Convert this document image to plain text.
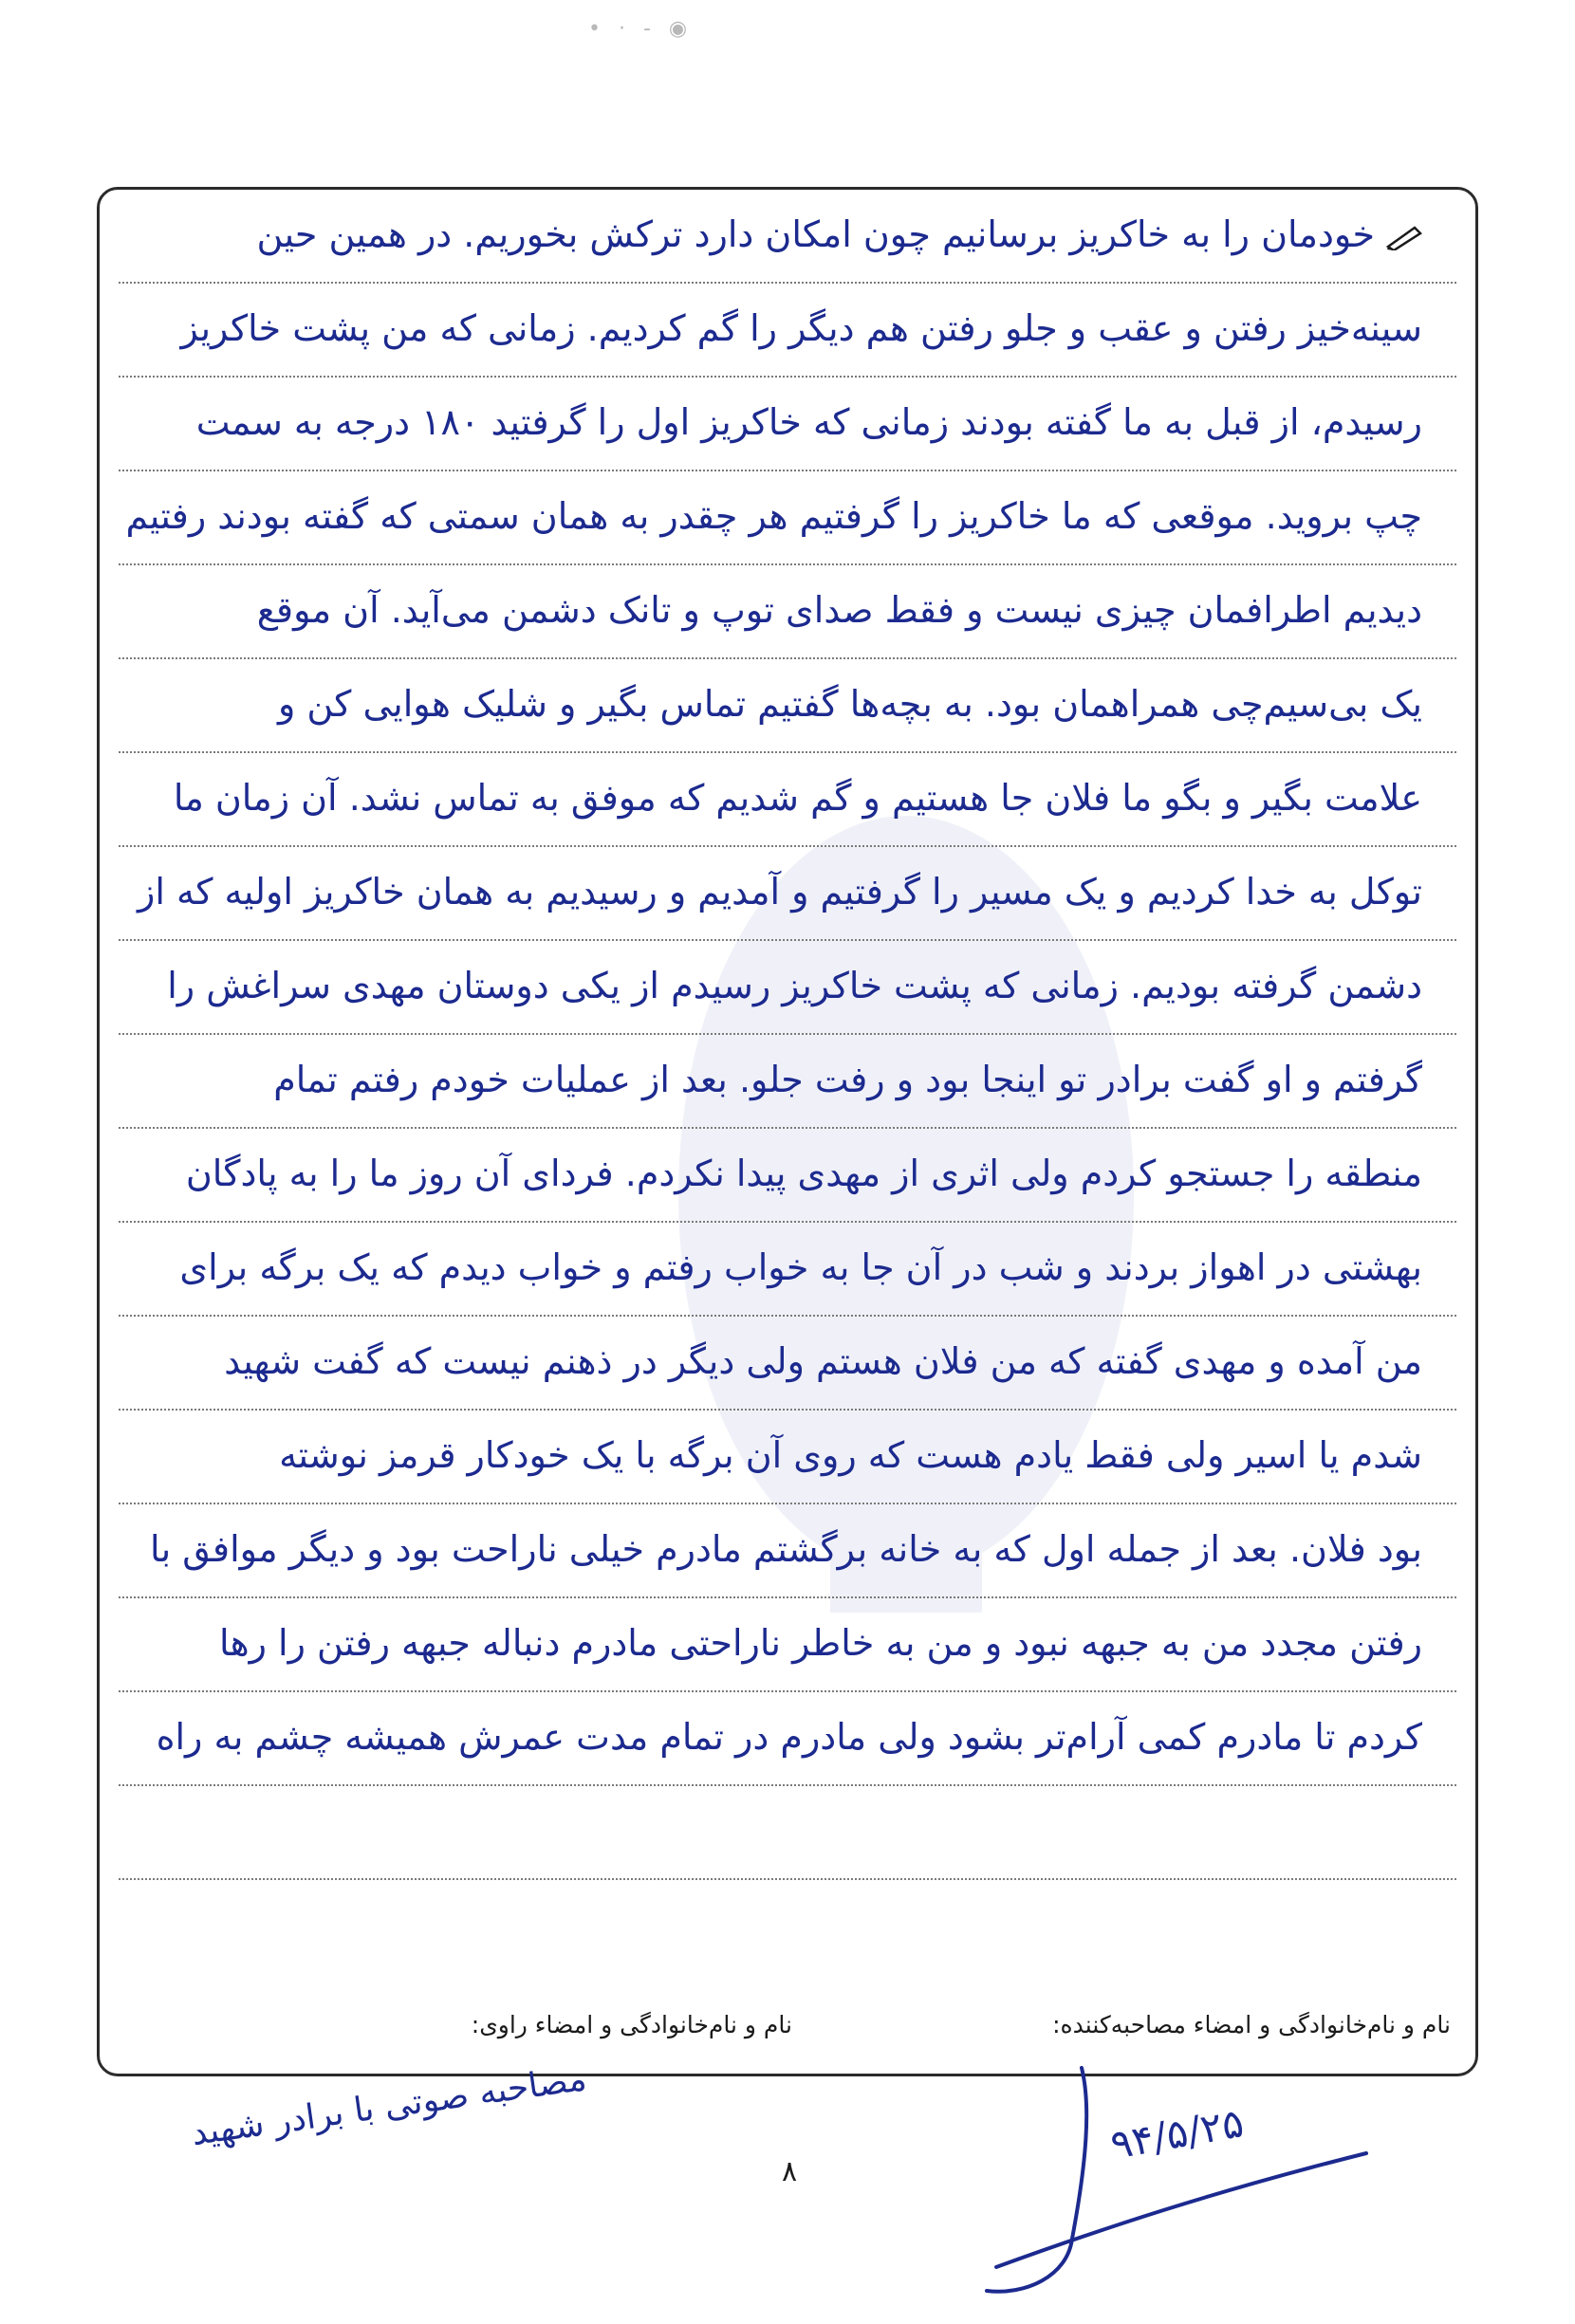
• · - ◉
خودمان را به خاکریز برسانیم چون امکان دارد ترکش بخوریم. در همین حین
سینه‌خیز رفتن و عقب و جلو رفتن هم دیگر را گم کردیم. زمانی که من پشت خاکریز
رسیدم، از قبل به ما گفته بودند زمانی که خاکریز اول را گرفتید ۱۸۰ درجه به سمت
چپ بروید. موقعی که ما خاکریز را گرفتیم هر چقدر به همان سمتی که گفته بودند رفتیم
دیدیم اطرافمان چیزی نیست و فقط صدای توپ و تانک دشمن می‌آید. آن موقع
یک بی‌سیم‌چی همراهمان بود. به بچه‌ها گفتیم تماس بگیر و شلیک هوایی کن و
علامت بگیر و بگو ما فلان جا هستیم و گم شدیم که موفق به تماس نشد. آن زمان ما
توکل به خدا کردیم و یک مسیر را گرفتیم و آمدیم و رسیدیم به همان خاکریز اولیه که از
دشمن گرفته بودیم. زمانی که پشت خاکریز رسیدم از یکی دوستان مهدی سراغش را
گرفتم و او گفت برادر تو اینجا بود و رفت جلو. بعد از عملیات خودم رفتم تمام
منطقه را جستجو کردم ولی اثری از مهدی پیدا نکردم. فردای آن روز ما را به پادگان
بهشتی در اهواز بردند و شب در آن جا به خواب رفتم و خواب دیدم که یک برگه برای
من آمده و مهدی گفته که من فلان هستم ولی دیگر در ذهنم نیست که گفت شهید
شدم یا اسیر ولی فقط یادم هست که روی آن برگه با یک خودکار قرمز نوشته
بود فلان. بعد از جمله اول که به خانه برگشتم مادرم خیلی ناراحت بود و دیگر موافق با
رفتن مجدد من به جبهه نبود و من به خاطر ناراحتی مادرم دنباله جبهه رفتن را رها
کردم تا مادرم کمی آرام‌تر بشود ولی مادرم در تمام مدت عمرش همیشه چشم به راه
نام و نام‌خانوادگی و امضاء مصاحبه‌کننده:
نام و نام‌خانوادگی و امضاء راوی:
مصاحبه صوتی با برادر شهید
۸
۹۴/۵/۲۵
